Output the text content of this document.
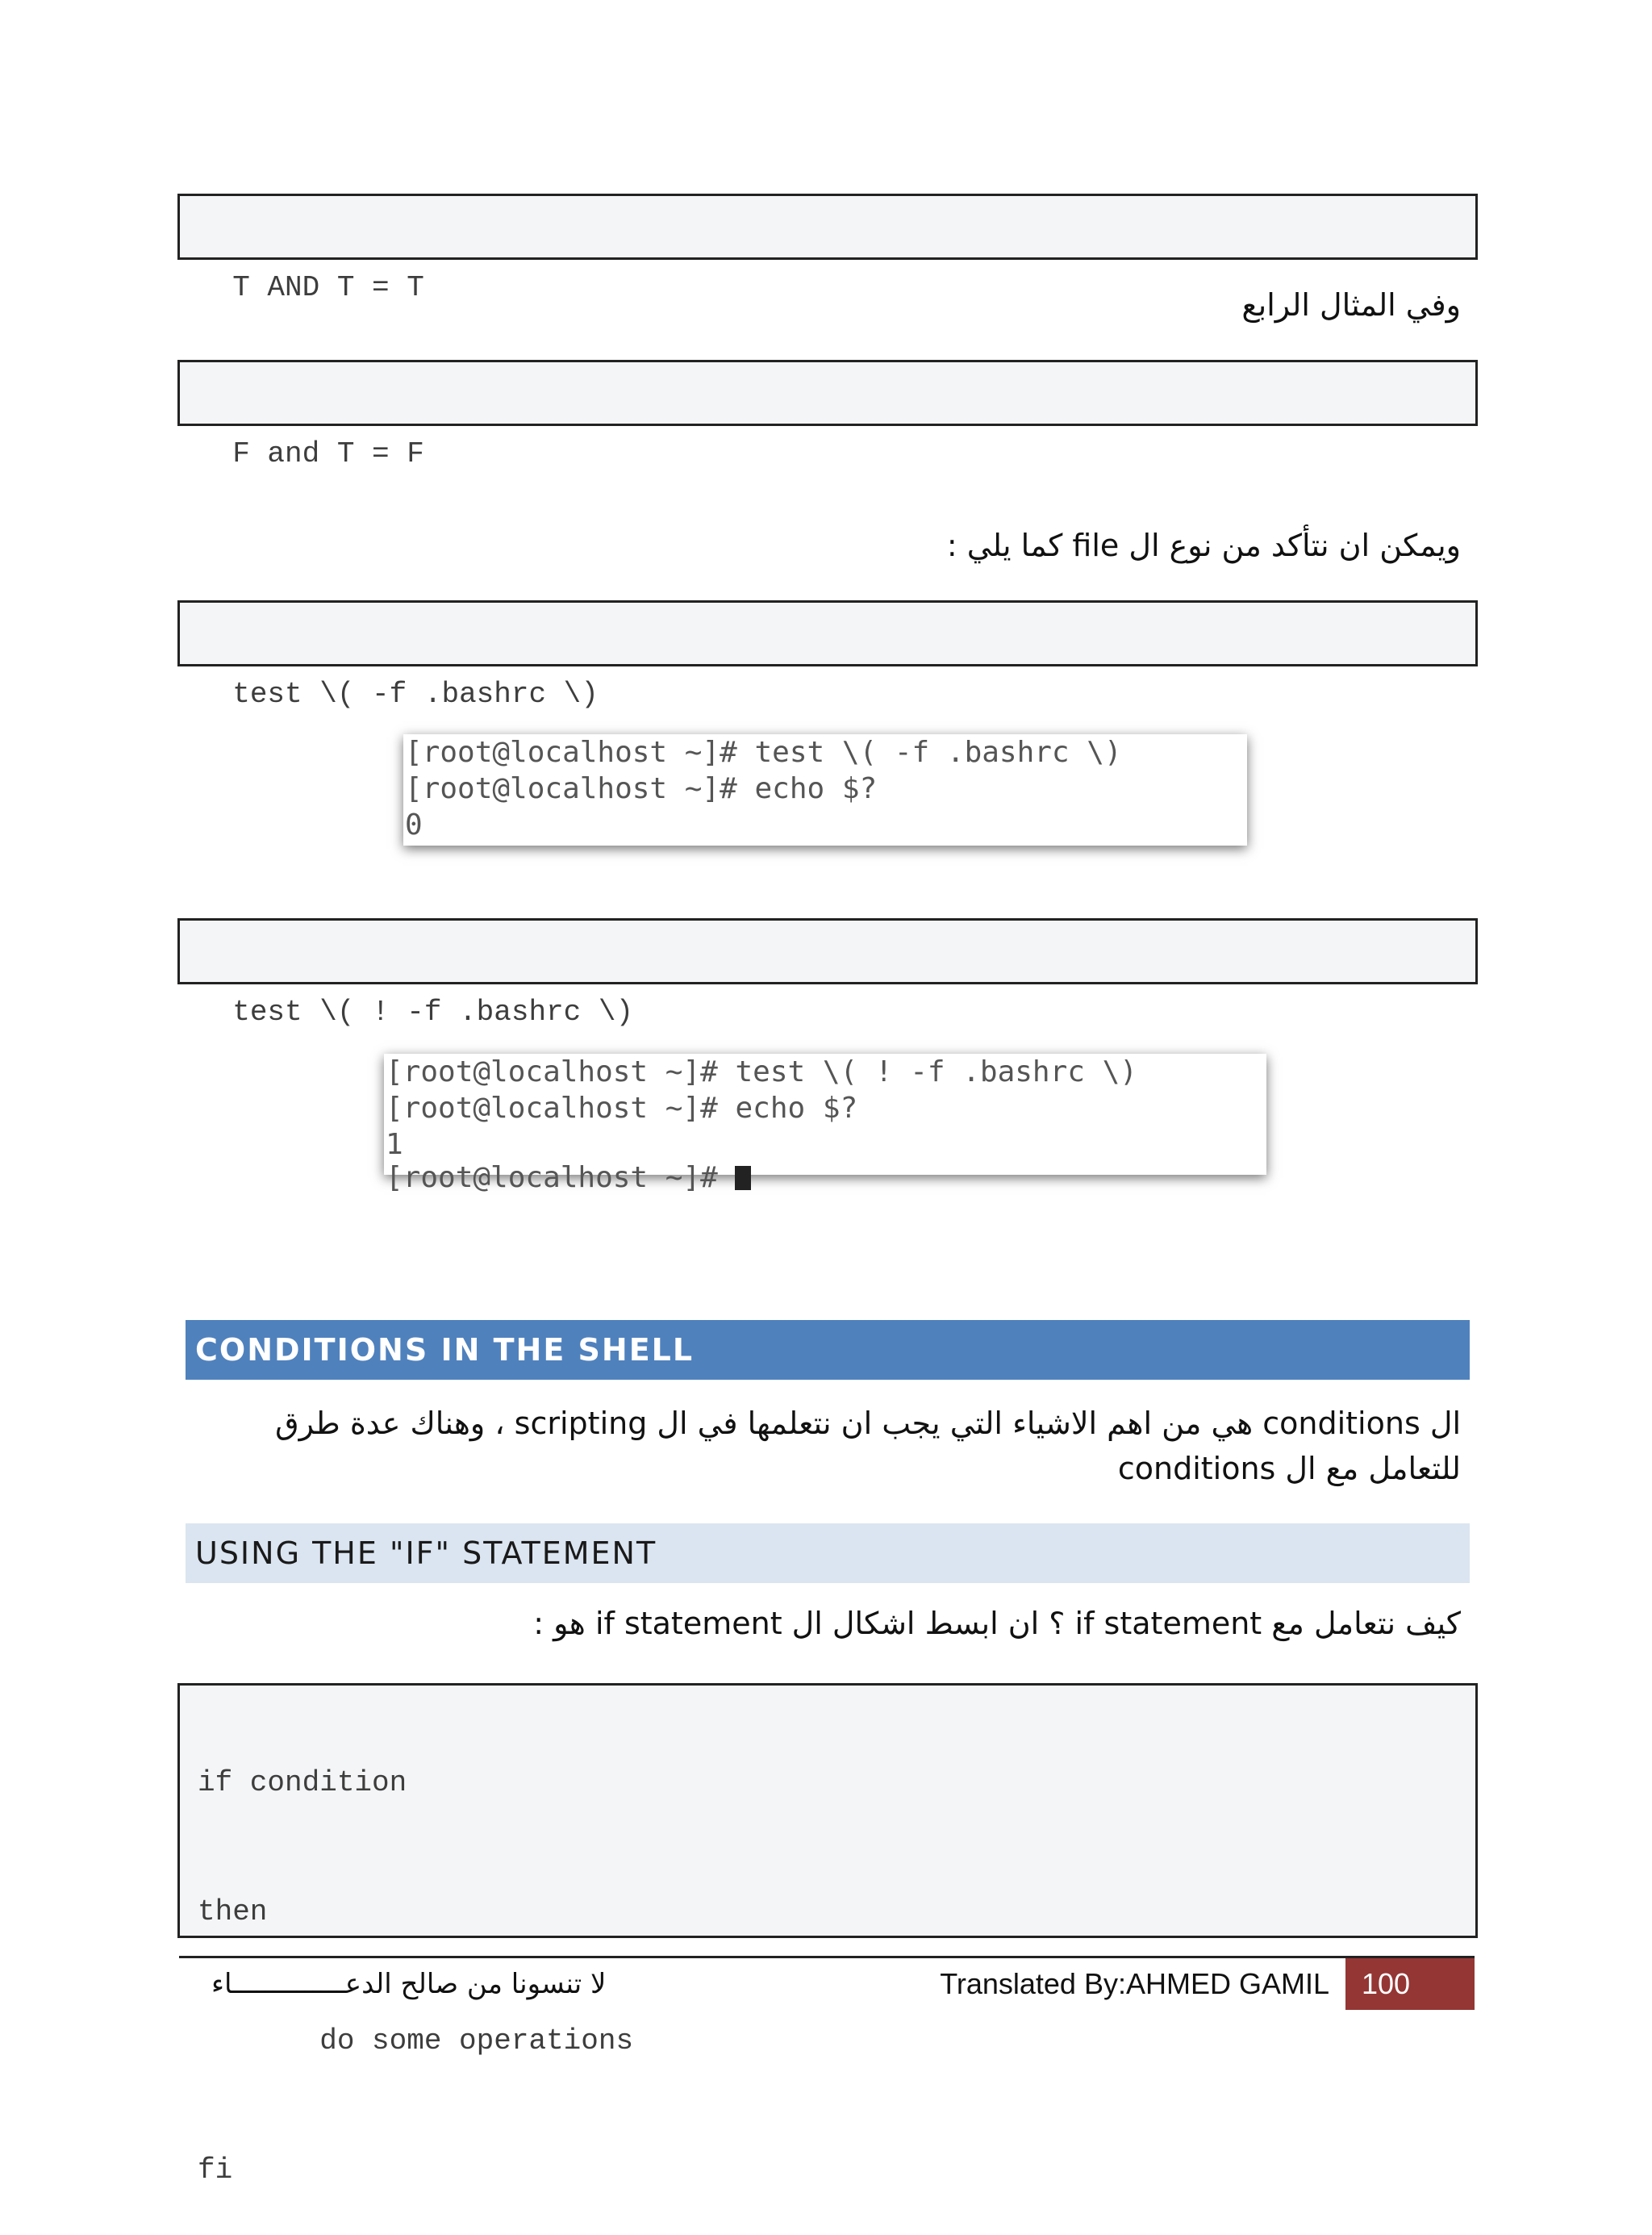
T AND T = T	وفي المثال الرابع

F and T = F

ويمكن ان نتأكد من نوع ال file كما يلي :

test \( -f .bashrc \)

[root@localhost ~]# test \( -f .bashrc \)
[root@localhost ~]# echo $?
0

test \( ! -f .bashrc \)

[root@localhost ~]# test \( ! -f .bashrc \)
[root@localhost ~]# echo $?
1
[root@localhost ~]#
CONDITIONS IN THE SHELL
ال conditions هي من اهم الاشياء التي يجب ان نتعلمها في ال scripting ، وهناك عدة طرق
للتعامل مع ال conditions
USING THE "IF" STATEMENT
كيف نتعامل مع if statement ؟ ان ابسط اشكال ال if statement هو :

if condition

then

do some operations

fi

لا تنسونا من صالح الدعــــــــــــــاء	Translated By:AHMED GAMIL	100
